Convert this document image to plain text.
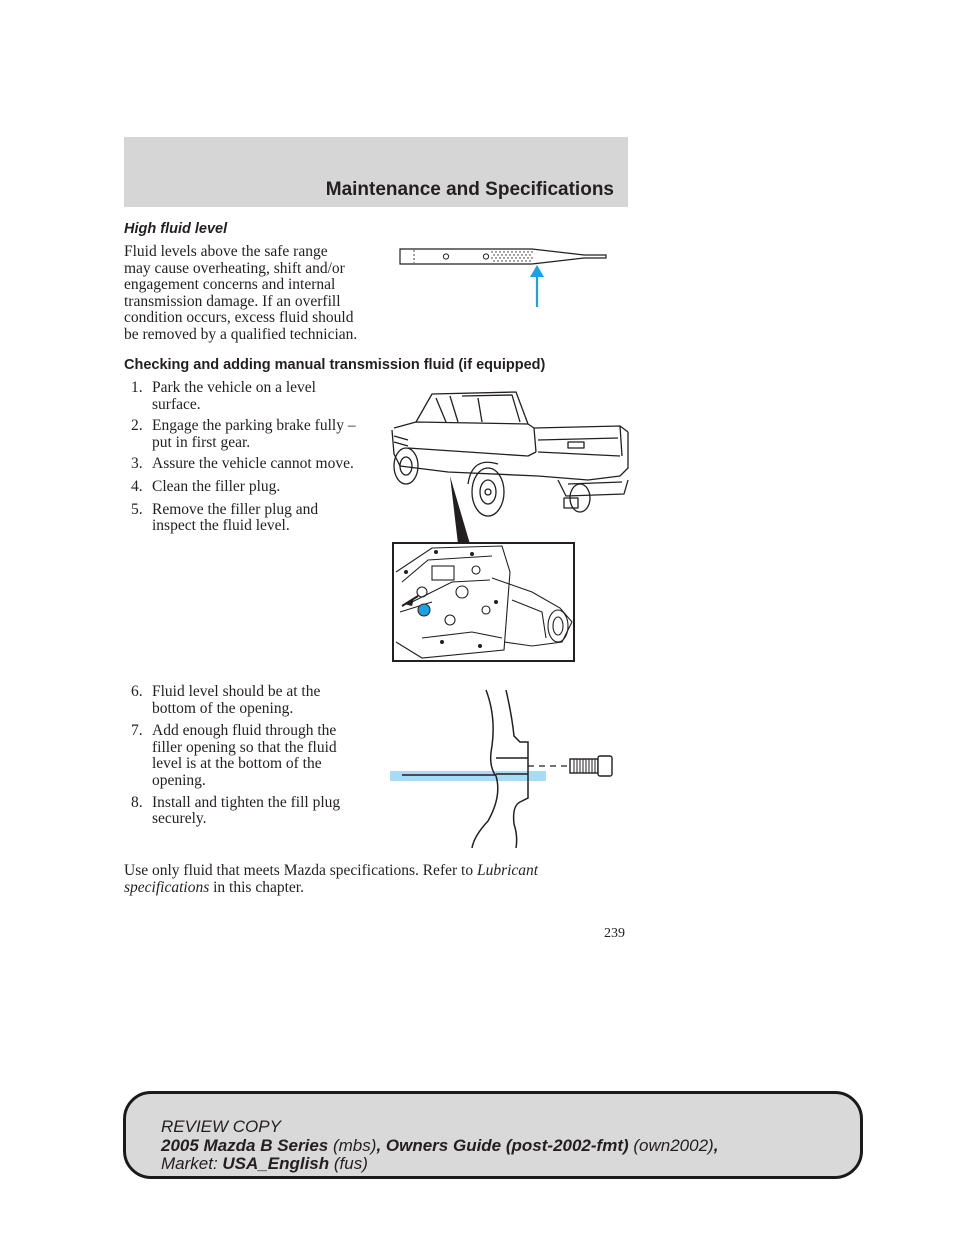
Maintenance and Specifications
High fluid level
Fluid levels above the safe range
may cause overheating, shift and/or
engagement concerns and internal
transmission damage. If an overfill
condition occurs, excess fluid should
be removed by a qualified technician.
Checking and adding manual transmission fluid (if equipped)
1. Park the vehicle on a level
surface.
2. Engage the parking brake fully –
put in first gear.
3. Assure the vehicle cannot move.
4. Clean the filler plug.
5. Remove the filler plug and
inspect the fluid level.
6. Fluid level should be at the
bottom of the opening.
7. Add enough fluid through the
filler opening so that the fluid
level is at the bottom of the
opening.
8. Install and tighten the fill plug
securely.
Use only fluid that meets Mazda specifications. Refer to Lubricant
specifications in this chapter.
239
REVIEW COPY
2005 Mazda B Series (mbs), Owners Guide (post-2002-fmt) (own2002),
Market: USA_English (fus)
